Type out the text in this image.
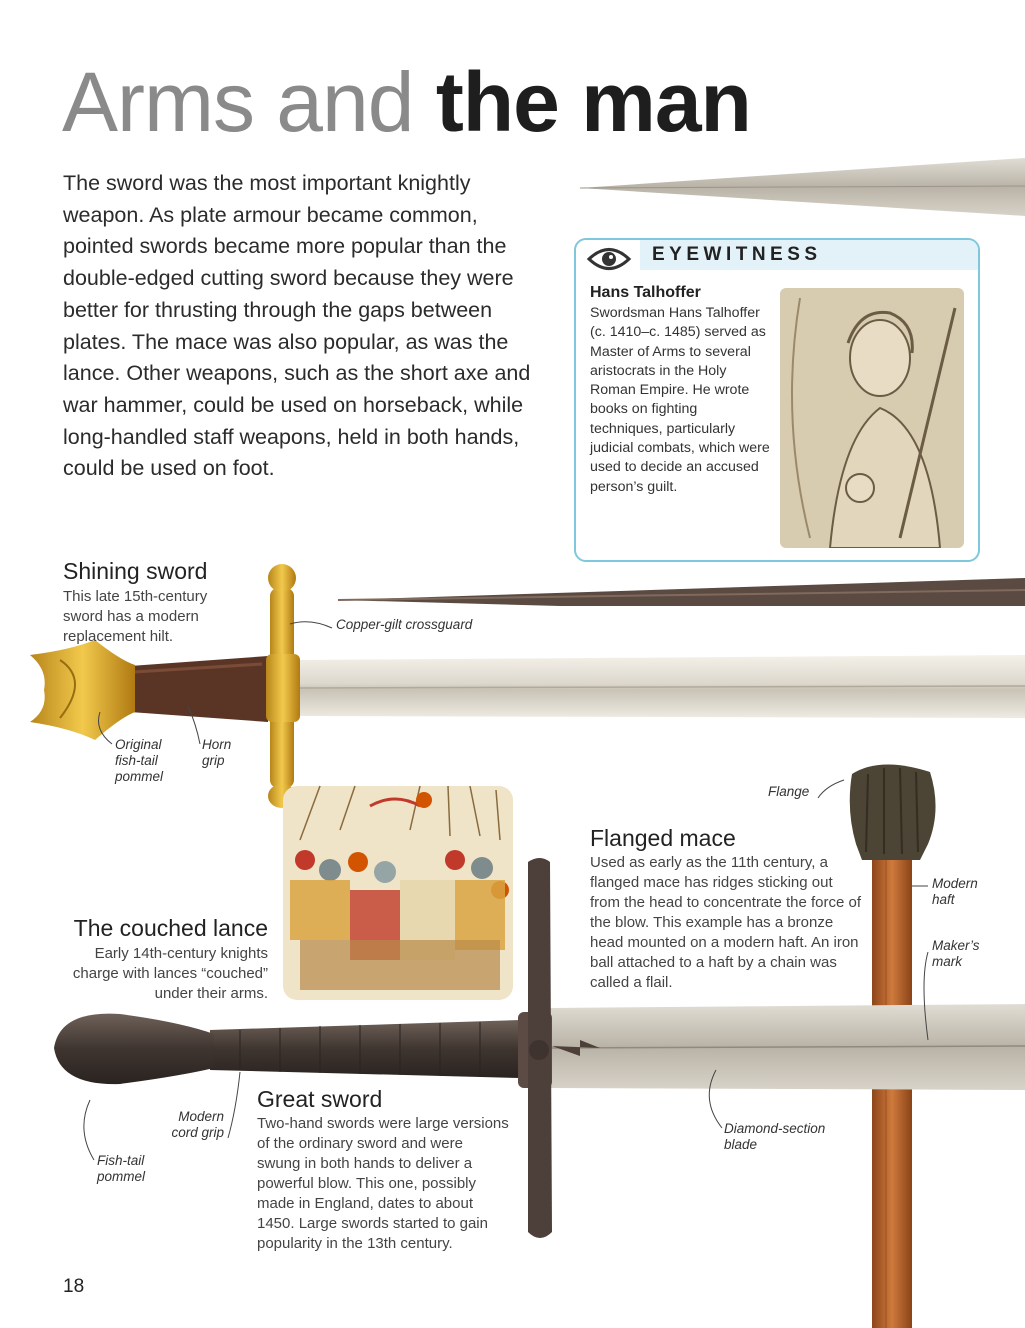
Arms and the man
The sword was the most important knightly weapon. As plate armour became common, pointed swords became more popular than the double-edged cutting sword because they were better for thrusting through the gaps between plates. The mace was also popular, as was the lance. Other weapons, such as the short axe and war hammer, could be used on horseback, while long-handled staff weapons, held in both hands, could be used on foot.
EYEWITNESS
Hans Talhoffer
Swordsman Hans Talhoffer (c. 1410–c. 1485) served as Master of Arms to several aristocrats in the Holy Roman Empire. He wrote books on fighting techniques, particularly judicial combats, which were used to decide an accused person’s guilt.
Shining sword
This late 15th-century sword has a modern replacement hilt.
Copper-gilt crossguard
Original fish-tail pommel
Horn grip
The couched lance
Early 14th-century knights charge with lances “couched” under their arms.
Flange
Flanged mace
Used as early as the 11th century, a flanged mace has ridges sticking out from the head to concentrate the force of the blow. This example has a bronze head mounted on a modern haft. An iron ball attached to a haft by a chain was called a flail.
Modern haft
Maker’s mark
Great sword
Two-hand swords were large versions of the ordinary sword and were swung in both hands to deliver a powerful blow. This one, possibly made in England, dates to about 1450. Large swords started to gain popularity in the 13th century.
Modern cord grip
Fish-tail pommel
Diamond-section blade
18
